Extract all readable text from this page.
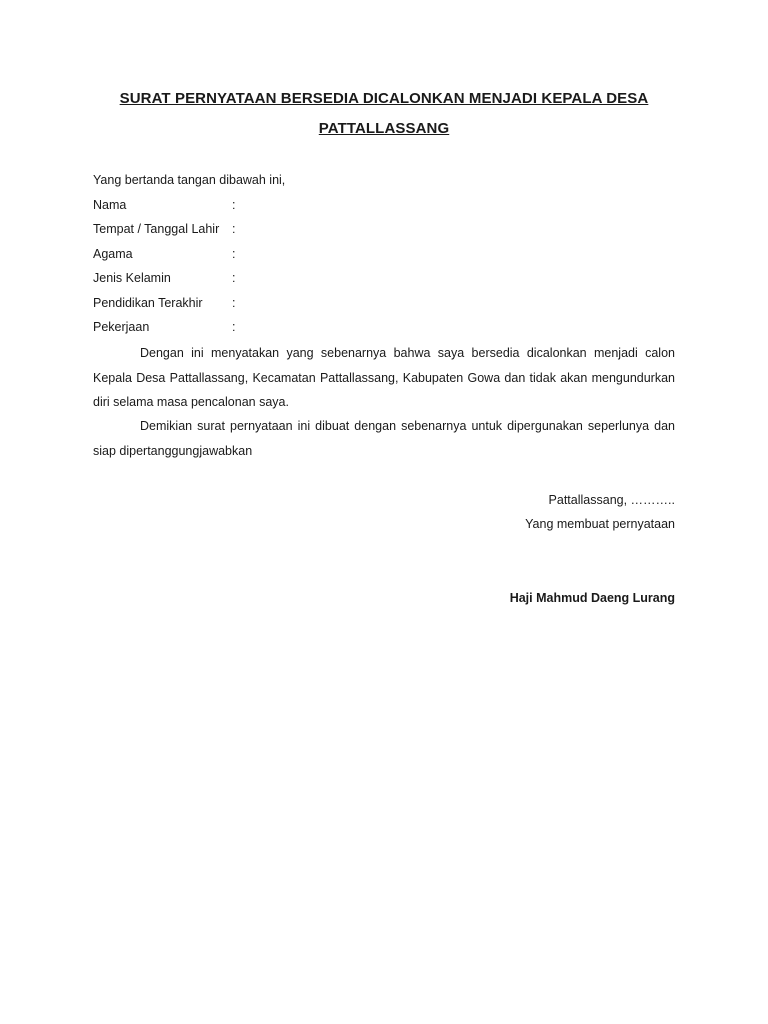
SURAT PERNYATAAN BERSEDIA DICALONKAN MENJADI KEPALA DESA
PATTALLASSANG
Yang bertanda tangan dibawah ini,
Nama	:
Tempat / Tanggal Lahir :
Agama	:
Jenis Kelamin	:
Pendidikan Terakhir :
Pekerjaan	:
Dengan ini menyatakan yang sebenarnya bahwa saya bersedia dicalonkan menjadi calon Kepala Desa Pattallassang, Kecamatan Pattallassang, Kabupaten Gowa dan tidak akan mengundurkan diri selama masa pencalonan saya.
Demikian surat pernyataan ini dibuat dengan sebenarnya untuk dipergunakan seperlunya dan siap dipertanggungjawabkan
Pattallassang, ………..
Yang membuat pernyataan
Haji Mahmud Daeng Lurang
